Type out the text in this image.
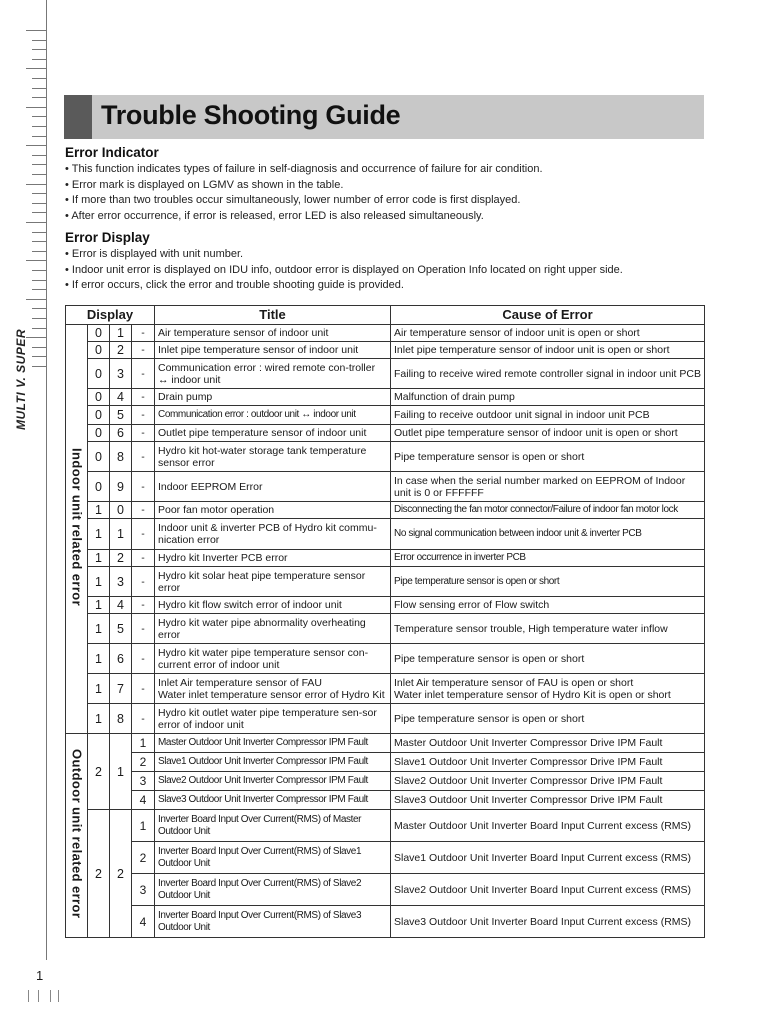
MULTI V. SUPER
1
Trouble Shooting Guide
Error Indicator
• This function indicates types of failure in self-diagnosis and occurrence of failure for air condition.
• Error mark is displayed on LGMV as shown in the table.
• If more than two troubles occur simultaneously, lower number of error code is first displayed.
• After error occurrence, if error is released, error LED is also released simultaneously.
Error Display
• Error is displayed with unit number.
• Indoor unit error is displayed on IDU info, outdoor error is displayed on Operation Info located on right upper side.
• If error occurs, click the error and trouble shooting guide is provided.
Display				Title	Cause of Error
Indoor unit related error	0	1	-	Air temperature sensor of indoor unit	Air temperature sensor of indoor unit is open or short
	0	2	-	Inlet pipe temperature sensor of indoor unit	Inlet pipe temperature sensor of indoor unit is open or short
	0	3	-	Communication error : wired remote con-troller ↔ indoor unit	Failing to receive wired remote controller signal in indoor unit PCB
	0	4	-	Drain pump	Malfunction of drain pump
	0	5	-	Communication error : outdoor unit ↔ indoor unit	Failing to receive outdoor unit signal in indoor unit PCB
	0	6	-	Outlet pipe temperature sensor of indoor unit	Outlet pipe temperature sensor of indoor unit is open or short
	0	8	-	Hydro kit hot-water storage tank temperature sensor error	Pipe temperature sensor is open or short
	0	9	-	Indoor EEPROM Error	In case when the serial number marked on EEPROM of Indoor unit is 0 or FFFFFF
	1	0	-	Poor fan motor operation	Disconnecting the fan motor connector/Failure of indoor fan motor lock
	1	1	-	Indoor unit & inverter PCB of Hydro kit commu-nication error	No signal communication between indoor unit & inverter PCB
	1	2	-	Hydro kit Inverter PCB error	Error occurrence in inverter PCB
	1	3	-	Hydro kit solar heat pipe temperature sensor error	Pipe temperature sensor is open or short
	1	4	-	Hydro kit flow switch error of indoor unit	Flow sensing error of Flow switch
	1	5	-	Hydro kit water pipe abnormality overheating error	Temperature sensor trouble, High temperature water inflow
	1	6	-	Hydro kit water pipe temperature sensor con-current error of indoor unit	Pipe temperature sensor is open or short
	1	7	-	Inlet Air temperature sensor of FAU
Water inlet temperature sensor error of Hydro Kit	Inlet Air temperature sensor of FAU is open or short
Water inlet temperature sensor of Hydro Kit is open or short
	1	8	-	Hydro kit outlet water pipe temperature sen-sor error of indoor unit	Pipe temperature sensor is open or short
Outdoor unit related error	2	1	1	Master Outdoor Unit Inverter Compressor IPM Fault	Master Outdoor Unit Inverter Compressor Drive IPM Fault
			2	Slave1 Outdoor Unit Inverter Compressor IPM Fault	Slave1 Outdoor Unit Inverter Compressor Drive IPM Fault
			3	Slave2 Outdoor Unit Inverter Compressor IPM Fault	Slave2 Outdoor Unit Inverter Compressor Drive IPM Fault
			4	Slave3 Outdoor Unit Inverter Compressor IPM Fault	Slave3 Outdoor Unit Inverter Compressor Drive IPM Fault
	2	2	1	Inverter Board Input Over Current(RMS) of Master Outdoor Unit	Master Outdoor Unit Inverter Board Input Current excess (RMS)
			2	Inverter Board Input Over Current(RMS) of Slave1 Outdoor Unit	Slave1 Outdoor Unit Inverter Board Input Current excess (RMS)
			3	Inverter Board Input Over Current(RMS) of Slave2 Outdoor Unit	Slave2 Outdoor Unit Inverter Board Input Current excess (RMS)
			4	Inverter Board Input Over Current(RMS) of Slave3 Outdoor Unit	Slave3 Outdoor Unit Inverter Board Input Current excess (RMS)
